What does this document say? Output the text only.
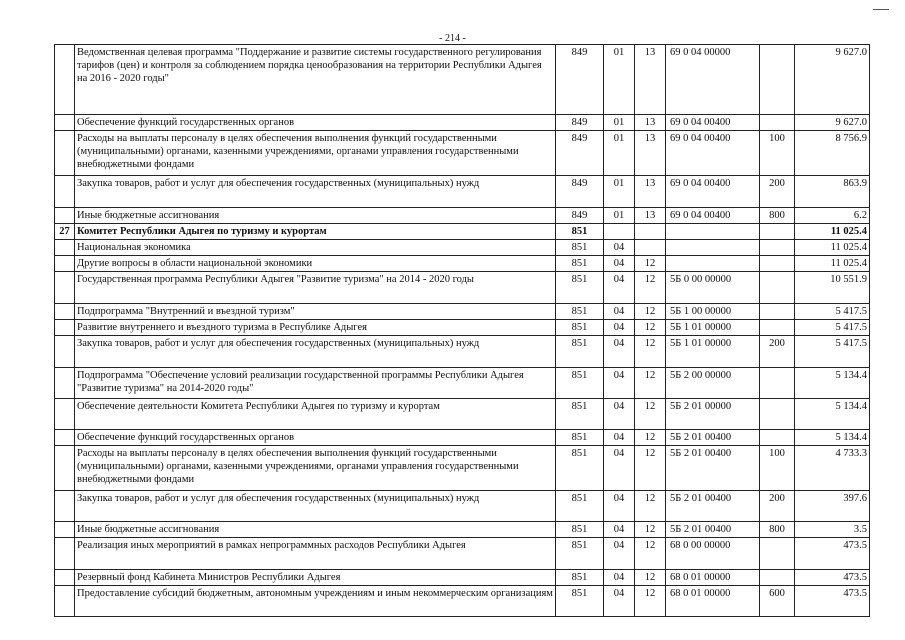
- 214 -
	Ведомственная целевая программа "Поддержание и развитие системы государственного регулирования тарифов (цен) и контроля за соблюдением порядка ценообразования на территории Республики Адыгея на 2016 - 2020 годы"	849	01	13	69 0 04 00000		9 627.0
	Обеспечение функций государственных органов	849	01	13	69 0 04 00400		9 627.0
	Расходы на выплаты персоналу в целях обеспечения выполнения функций государственными (муниципальными) органами, казенными учреждениями, органами управления государственными внебюджетными фондами	849	01	13	69 0 04 00400	100	8 756.9
	Закупка товаров, работ и услуг для обеспечения государственных (муниципальных) нужд	849	01	13	69 0 04 00400	200	863.9
	Иные бюджетные ассигнования	849	01	13	69 0 04 00400	800	6.2
27	Комитет Республики Адыгея по туризму и курортам	851					11 025.4
	Национальная экономика	851	04				11 025.4
	Другие вопросы в области национальной экономики	851	04	12			11 025.4
	Государственная программа Республики Адыгея "Развитие туризма" на 2014 - 2020 годы	851	04	12	5Б 0 00 00000		10 551.9
	Подпрограмма "Внутренний и въездной туризм"	851	04	12	5Б 1 00 00000		5 417.5
	Развитие внутреннего и въездного туризма в Республике Адыгея	851	04	12	5Б 1 01 00000		5 417.5
	Закупка товаров, работ и услуг для обеспечения государственных (муниципальных) нужд	851	04	12	5Б 1 01 00000	200	5 417.5
	Подпрограмма "Обеспечение условий реализации государственной программы Республики Адыгея "Развитие туризма" на 2014-2020 годы"	851	04	12	5Б 2 00 00000		5 134.4
	Обеспечение деятельности Комитета Республики Адыгея по туризму и курортам	851	04	12	5Б 2 01 00000		5 134.4
	Обеспечение функций государственных органов	851	04	12	5Б 2 01 00400		5 134.4
	Расходы на выплаты персоналу в целях обеспечения выполнения функций государственными (муниципальными) органами, казенными учреждениями, органами управления государственными внебюджетными фондами	851	04	12	5Б 2 01 00400	100	4 733.3
	Закупка товаров, работ и услуг для обеспечения государственных (муниципальных) нужд	851	04	12	5Б 2 01 00400	200	397.6
	Иные бюджетные ассигнования	851	04	12	5Б 2 01 00400	800	3.5
	Реализация иных мероприятий в рамках непрограммных расходов Республики Адыгея	851	04	12	68 0 00 00000		473.5
	Резервный фонд Кабинета Министров Республики Адыгея	851	04	12	68 0 01 00000		473.5
	Предоставление субсидий бюджетным, автономным учреждениям и иным некоммерческим организациям	851	04	12	68 0 01 00000	600	473.5
